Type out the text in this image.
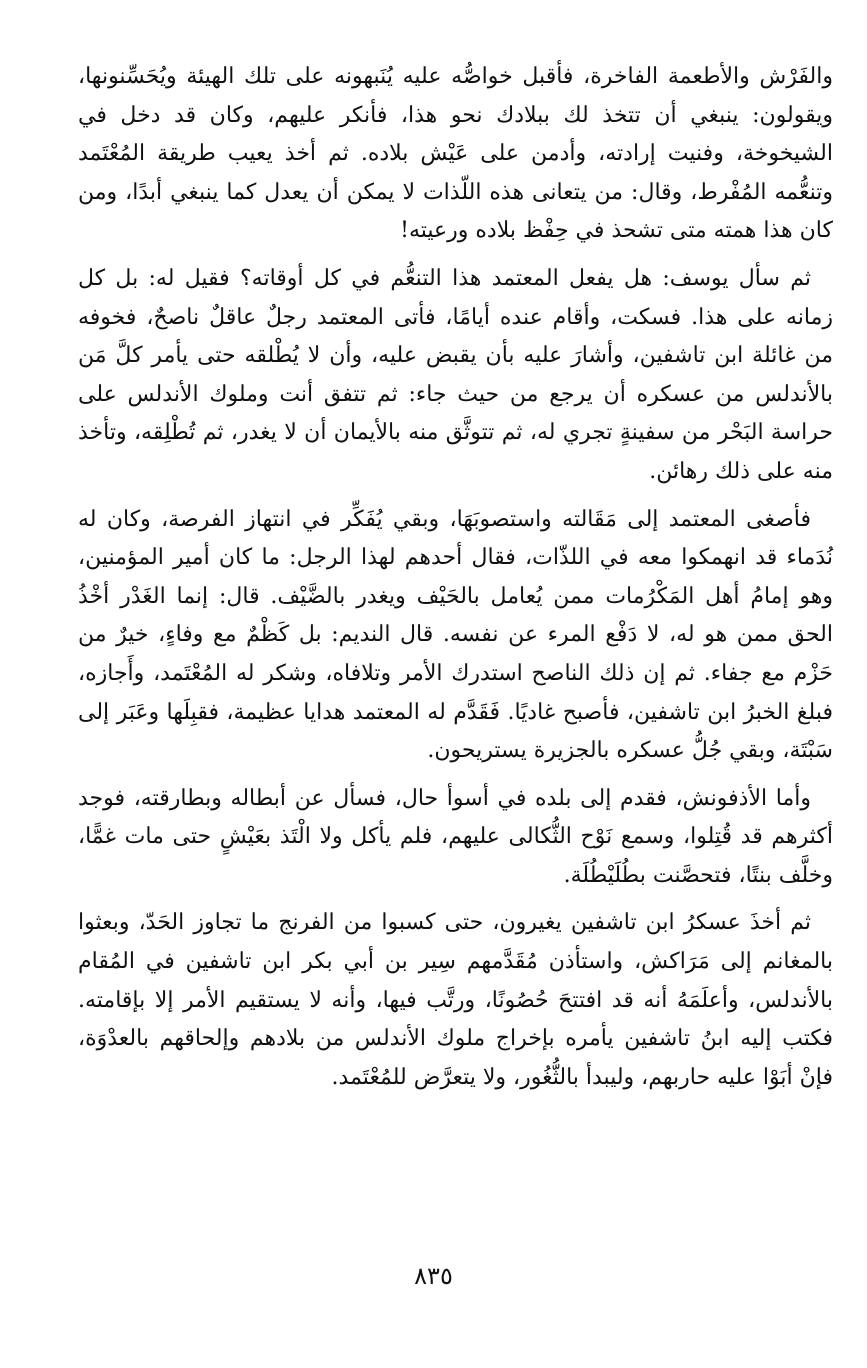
والفَرْش والأطعمة الفاخرة، فأقبل خواصُّه عليه يُنَبهونه على تلك الهيئة ويُحَسِّنونها، ويقولون: ينبغي أن تتخذ لك ببلادك نحو هذا، فأنكر عليهم، وكان قد دخل في الشيخوخة، وفنيت إرادته، وأدمن على عَيْش بلاده. ثم أخذ يعيب طريقة المُعْتَمد وتنعُّمه المُفْرط، وقال: من يتعانى هذه اللّذات لا يمكن أن يعدل كما ينبغي أبدًا، ومن كان هذا همته متى تشحذ في حِفْظ بلاده ورعيته!

ثم سأل يوسف: هل يفعل المعتمد هذا التنعُّم في كل أوقاته؟ فقيل له: بل كل زمانه على هذا. فسكت، وأقام عنده أيامًا، فأتى المعتمد رجلٌ عاقلٌ ناصحٌ، فخوفه من غائلة ابن تاشفين، وأشارَ عليه بأن يقبض عليه، وأن لا يُطْلقه حتى يأمر كلَّ مَن بالأندلس من عسكره أن يرجع من حيث جاء: ثم تتفق أنت وملوك الأندلس على حراسة البَحْر من سفينةٍ تجري له، ثم تتوثَّق منه بالأيمان أن لا يغدر، ثم تُطْلِقه، وتأخذ منه على ذلك رهائن.

فأصغى المعتمد إلى مَقَالته واستصوبَهَا، وبقي يُفَكِّر في انتهاز الفرصة، وكان له نُدَماء قد انهمكوا معه في اللذّات، فقال أحدهم لهذا الرجل: ما كان أمير المؤمنين، وهو إمامُ أهل المَكْرُمات ممن يُعامل بالحَيْف ويغدر بالضَّيْف. قال: إنما الغَدْر أخْذُ الحق ممن هو له، لا دَفْع المرء عن نفسه. قال النديم: بل كَظْمٌ مع وفاءٍ، خيرٌ من حَزْم مع جفاء. ثم إن ذلك الناصح استدرك الأمر وتلافاه، وشكر له المُعْتَمد، وأَجازه، فبلغ الخبرُ ابن تاشفين، فأصبح غاديًا. فَقَدَّم له المعتمد هدايا عظيمة، فقبِلَها وعَبَر إلى سَبْتَة، وبقي جُلُّ عسكره بالجزيرة يستريحون.

وأما الأذفونش، فقدم إلى بلده في أسوأ حال، فسأل عن أبطاله وبطارقته، فوجد أكثرهم قد قُتِلوا، وسمع نَوْح الثُّكالى عليهم، فلم يأكل ولا الْتَذ بعَيْشٍ حتى مات غمًّا، وخلَّف بنتًا، فتحصَّنت بطُلَيْطُلَة.

ثم أخذَ عسكرُ ابن تاشفين يغيرون، حتى كسبوا من الفرنج ما تجاوز الحَدّ، وبعثوا بالمغانم إلى مَرَاكش، واستأذن مُقَدَّمهم سِير بن أبي بكر ابن تاشفين في المُقام بالأندلس، وأعلَمَهُ أنه قد افتتحَ حُصُونًا، ورتَّب فيها، وأنه لا يستقيم الأمر إلا بإقامته. فكتب إليه ابنُ تاشفين يأمره بإخراج ملوك الأندلس من بلادهم وإلحاقهم بالعدْوَة، فإنْ أبَوْا عليه حاربهم، وليبدأ بالثُّغُور، ولا يتعرَّض للمُعْتَمد.

٨٣٥
